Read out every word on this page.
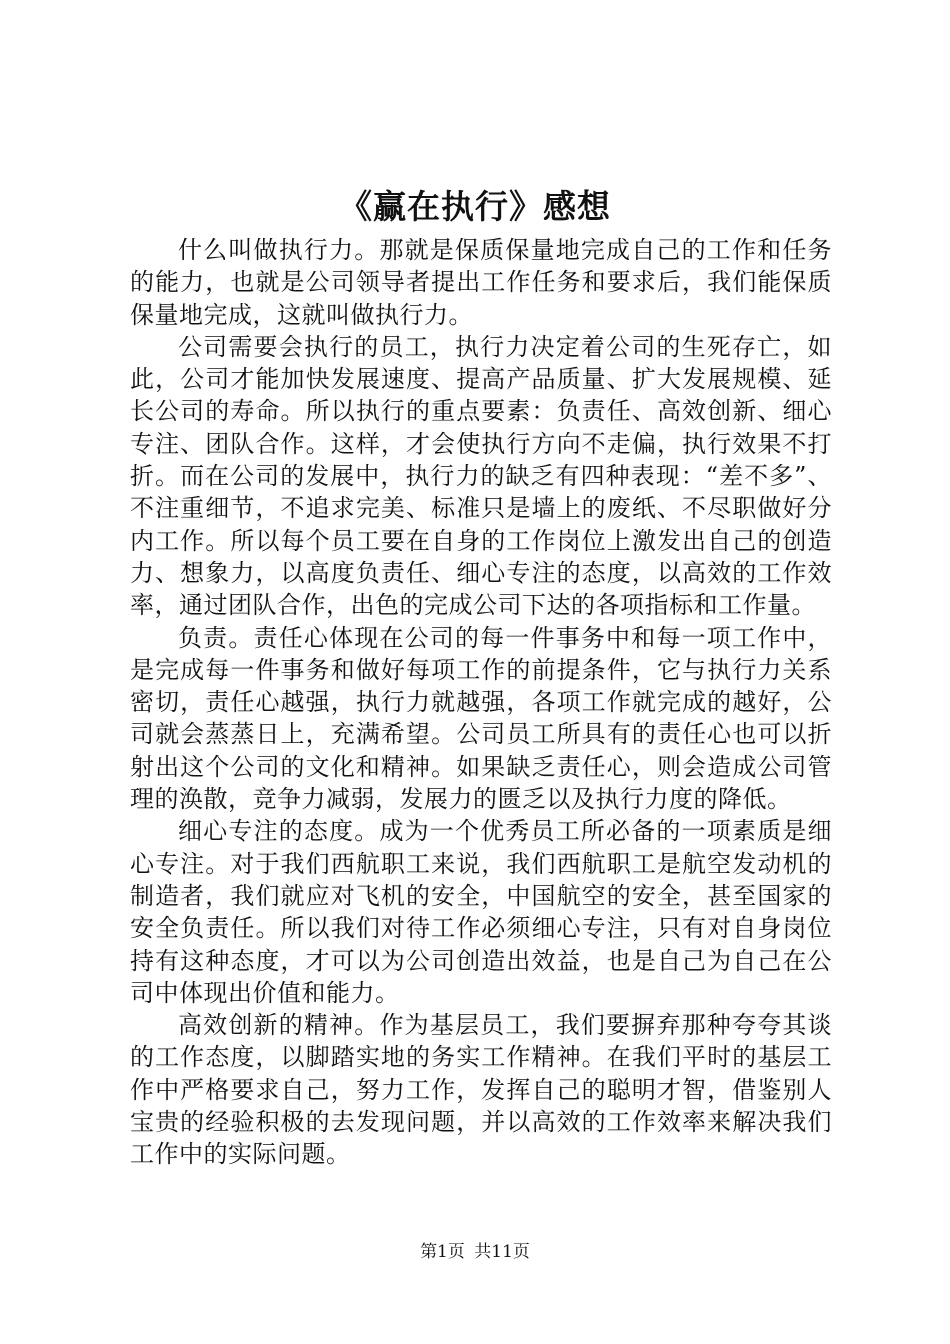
《赢在执行》感想

什么叫做执行力。那就是保质保量地完成自己的工作和任务的能力，也就是公司领导者提出工作任务和要求后，我们能保质保量地完成，这就叫做执行力。

公司需要会执行的员工，执行力决定着公司的生死存亡，如此，公司才能加快发展速度、提高产品质量、扩大发展规模、延长公司的寿命。所以执行的重点要素：负责任、高效创新、细心专注、团队合作。这样，才会使执行方向不走偏，执行效果不打折。而在公司的发展中，执行力的缺乏有四种表现：“差不多”、不注重细节，不追求完美、标准只是墙上的废纸、不尽职做好分内工作。所以每个员工要在自身的工作岗位上激发出自己的创造力、想象力，以高度负责任、细心专注的态度，以高效的工作效率，通过团队合作，出色的完成公司下达的各项指标和工作量。

负责。责任心体现在公司的每一件事务中和每一项工作中，是完成每一件事务和做好每项工作的前提条件，它与执行力关系密切，责任心越强，执行力就越强，各项工作就完成的越好，公司就会蒸蒸日上，充满希望。公司员工所具有的责任心也可以折射出这个公司的文化和精神。如果缺乏责任心，则会造成公司管理的涣散，竞争力减弱，发展力的匮乏以及执行力度的降低。

细心专注的态度。成为一个优秀员工所必备的一项素质是细心专注。对于我们西航职工来说，我们西航职工是航空发动机的制造者，我们就应对飞机的安全，中国航空的安全，甚至国家的安全负责任。所以我们对待工作必须细心专注，只有对自身岗位持有这种态度，才可以为公司创造出效益，也是自己为自己在公司中体现出价值和能力。

高效创新的精神。作为基层员工，我们要摒弃那种夸夸其谈的工作态度，以脚踏实地的务实工作精神。在我们平时的基层工作中严格要求自己，努力工作，发挥自己的聪明才智，借鉴别人宝贵的经验积极的去发现问题，并以高效的工作效率来解决我们工作中的实际问题。

第1页 共11页
